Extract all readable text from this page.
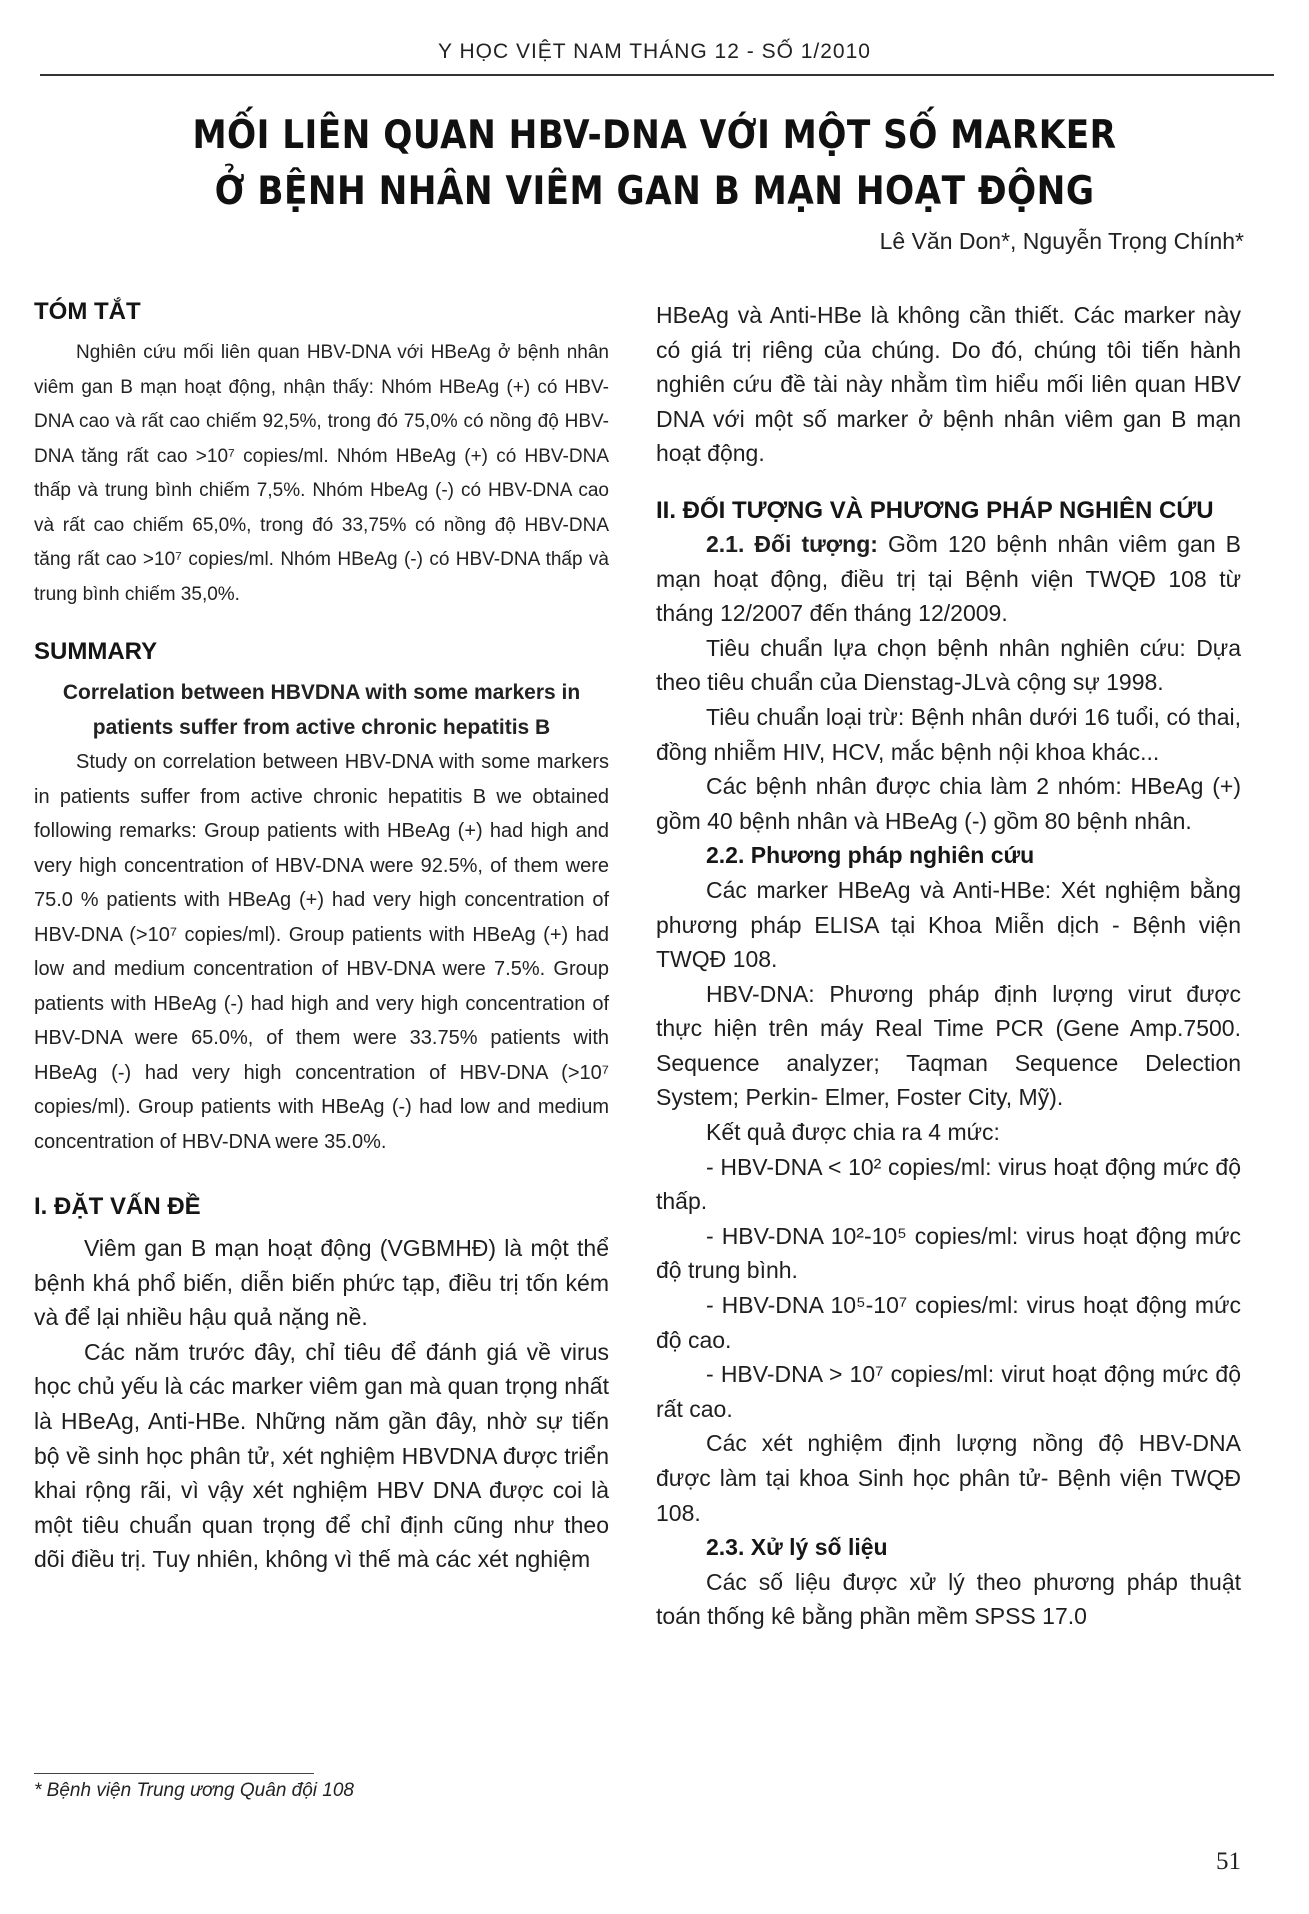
Y HỌC VIỆT NAM THÁNG 12 - SỐ 1/2010
MỐI LIÊN QUAN HBV-DNA VỚI MỘT SỐ MARKER
Ở BỆNH NHÂN VIÊM GAN B MẠN HOẠT ĐỘNG
Lê Văn Don*, Nguyễn Trọng Chính*
TÓM TẮT

Nghiên cứu mối liên quan HBV-DNA với HBeAg ở bệnh nhân viêm gan B mạn hoạt động, nhận thấy: Nhóm HBeAg (+) có HBV-DNA cao và rất cao chiếm 92,5%, trong đó 75,0% có nồng độ HBV-DNA tăng rất cao >10⁷ copies/ml. Nhóm HBeAg (+) có HBV-DNA thấp và trung bình chiếm 7,5%. Nhóm HbeAg (-) có HBV-DNA cao và rất cao chiếm 65,0%, trong đó 33,75% có nồng độ HBV-DNA tăng rất cao >10⁷ copies/ml. Nhóm HBeAg (-) có HBV-DNA thấp và trung bình chiếm 35,0%.

SUMMARY

Correlation between HBVDNA with some markers in patients suffer from active chronic hepatitis B

Study on correlation between HBV-DNA with some markers in patients suffer from active chronic hepatitis B we obtained following remarks: Group patients with HBeAg (+) had high and very high concentration of HBV-DNA were 92.5%, of them were 75.0 % patients with HBeAg (+) had very high concentration of HBV-DNA (>10⁷ copies/ml). Group patients with HBeAg (+) had low and medium concentration of HBV-DNA were 7.5%. Group patients with HBeAg (-) had high and very high concentration of HBV-DNA were 65.0%, of them were 33.75% patients with HBeAg (-) had very high concentration of HBV-DNA (>10⁷ copies/ml). Group patients with HBeAg (-) had low and medium concentration of HBV-DNA were 35.0%.

I. ĐẶT VẤN ĐỀ

Viêm gan B mạn hoạt động (VGBMHĐ) là một thể bệnh khá phổ biến, diễn biến phức tạp, điều trị tốn kém và để lại nhiều hậu quả nặng nề.

Các năm trước đây, chỉ tiêu để đánh giá về virus học chủ yếu là các marker viêm gan mà quan trọng nhất là HBeAg, Anti-HBe. Những năm gần đây, nhờ sự tiến bộ về sinh học phân tử, xét nghiệm HBVDNA được triển khai rộng rãi, vì vậy xét nghiệm HBV DNA được coi là một tiêu chuẩn quan trọng để chỉ định cũng như theo dõi điều trị. Tuy nhiên, không vì thế mà các xét nghiệm

HBeAg và Anti-HBe là không cần thiết. Các marker này có giá trị riêng của chúng. Do đó, chúng tôi tiến hành nghiên cứu đề tài này nhằm tìm hiểu mối liên quan HBV DNA với một số marker ở bệnh nhân viêm gan B mạn hoạt động.

II. ĐỐI TƯỢNG VÀ PHƯƠNG PHÁP NGHIÊN CỨU

2.1. Đối tượng: Gồm 120 bệnh nhân viêm gan B mạn hoạt động, điều trị tại Bệnh viện TWQĐ 108 từ tháng 12/2007 đến tháng 12/2009.

Tiêu chuẩn lựa chọn bệnh nhân nghiên cứu: Dựa theo tiêu chuẩn của Dienstag-JLvà cộng sự 1998.

Tiêu chuẩn loại trừ: Bệnh nhân dưới 16 tuổi, có thai, đồng nhiễm HIV, HCV, mắc bệnh nội khoa khác...

Các bệnh nhân được chia làm 2 nhóm: HBeAg (+) gồm 40 bệnh nhân và HBeAg (-) gồm 80 bệnh nhân.

2.2. Phương pháp nghiên cứu

Các marker HBeAg và Anti-HBe: Xét nghiệm bằng phương pháp ELISA tại Khoa Miễn dịch - Bệnh viện TWQĐ 108.

HBV-DNA: Phương pháp định lượng virut được thực hiện trên máy Real Time PCR (Gene Amp.7500. Sequence analyzer; Taqman Sequence Delection System; Perkin- Elmer, Foster City, Mỹ).

Kết quả được chia ra 4 mức:

- HBV-DNA < 10² copies/ml: virus hoạt động mức độ thấp.

- HBV-DNA 10²-10⁵ copies/ml: virus hoạt động mức độ trung bình.

- HBV-DNA 10⁵-10⁷ copies/ml: virus hoạt động mức độ cao.

- HBV-DNA > 10⁷ copies/ml: virut hoạt động mức độ rất cao.

Các xét nghiệm định lượng nồng độ HBV-DNA được làm tại khoa Sinh học phân tử- Bệnh viện TWQĐ 108.

2.3. Xử lý số liệu

Các số liệu được xử lý theo phương pháp thuật toán thống kê bằng phần mềm SPSS 17.0

* Bệnh viện Trung ương Quân đội 108
51
